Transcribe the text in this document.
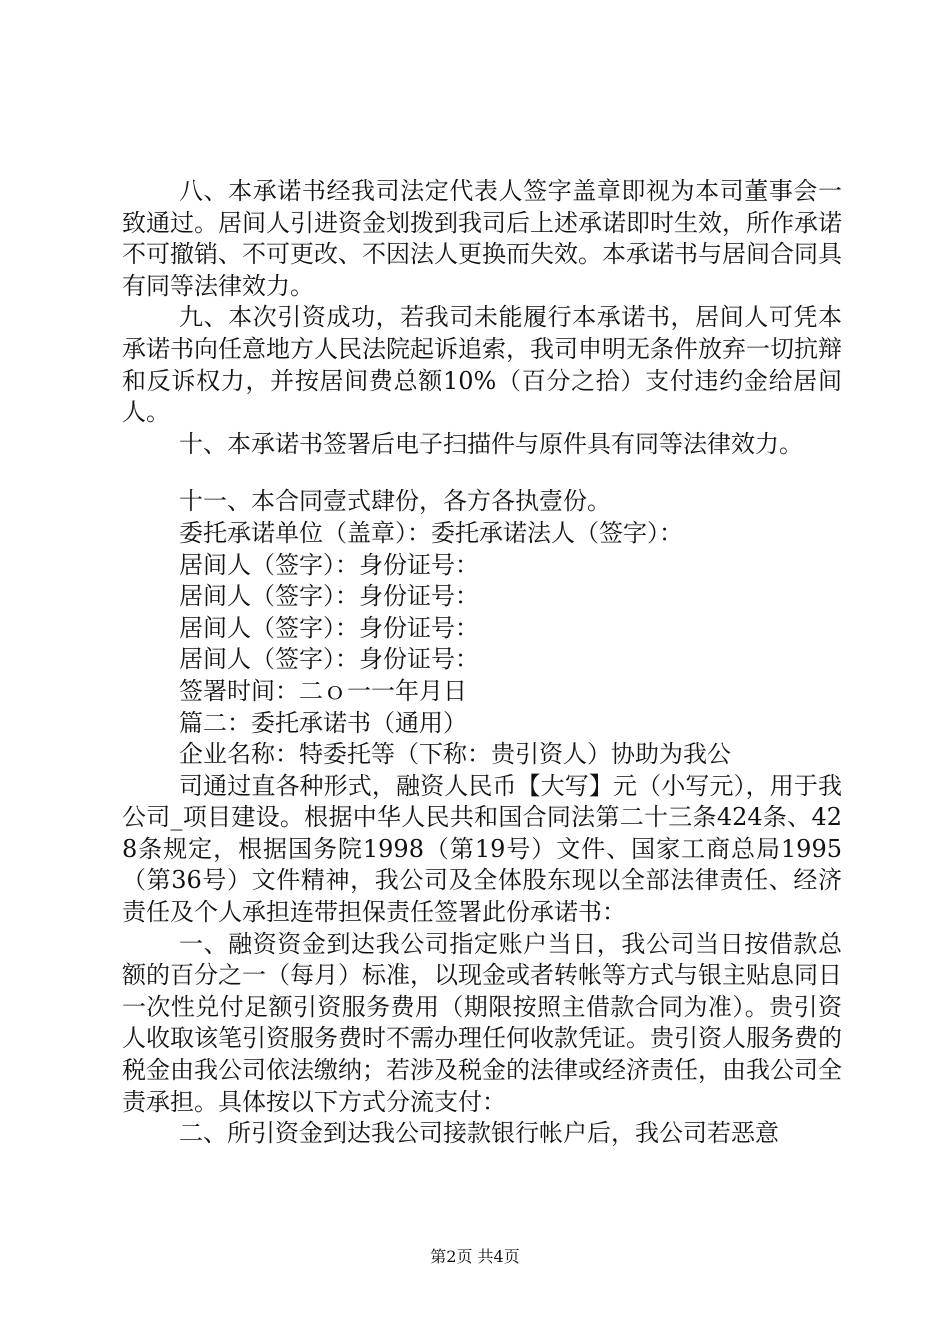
八、本承诺书经我司法定代表人签字盖章即视为本司董事会一致通过。居间人引进资金划拨到我司后上述承诺即时生效，所作承诺不可撤销、不可更改、不因法人更换而失效。本承诺书与居间合同具有同等法律效力。

九、本次引资成功，若我司未能履行本承诺书，居间人可凭本承诺书向任意地方人民法院起诉追索，我司申明无条件放弃一切抗辩和反诉权力，并按居间费总额10%（百分之拾）支付违约金给居间人。

十、本承诺书签署后电子扫描件与原件具有同等法律效力。

十一、本合同壹式肆份，各方各执壹份。

委托承诺单位（盖章）：委托承诺法人（签字）：

居间人（签字）：身份证号：

居间人（签字）：身份证号：

居间人（签字）：身份证号：

居间人（签字）：身份证号：

签署时间：二ｏ一一年月日

篇二：委托承诺书（通用）

企业名称：特委托等（下称：贵引资人）协助为我公

司通过直各种形式，融资人民币【大写】元（小写元），用于我公司_项目建设。根据中华人民共和国合同法第二十三条424条、428条规定，根据国务院1998（第19号）文件、国家工商总局1995（第36号）文件精神，我公司及全体股东现以全部法律责任、经济责任及个人承担连带担保责任签署此份承诺书：

一、融资资金到达我公司指定账户当日，我公司当日按借款总额的百分之一（每月）标准，以现金或者转帐等方式与银主贴息同日一次性兑付足额引资服务费用（期限按照主借款合同为准）。贵引资人收取该笔引资服务费时不需办理任何收款凭证。贵引资人服务费的税金由我公司依法缴纳；若涉及税金的法律或经济责任，由我公司全责承担。具体按以下方式分流支付：

二、所引资金到达我公司接款银行帐户后，我公司若恶意

第2页 共4页
